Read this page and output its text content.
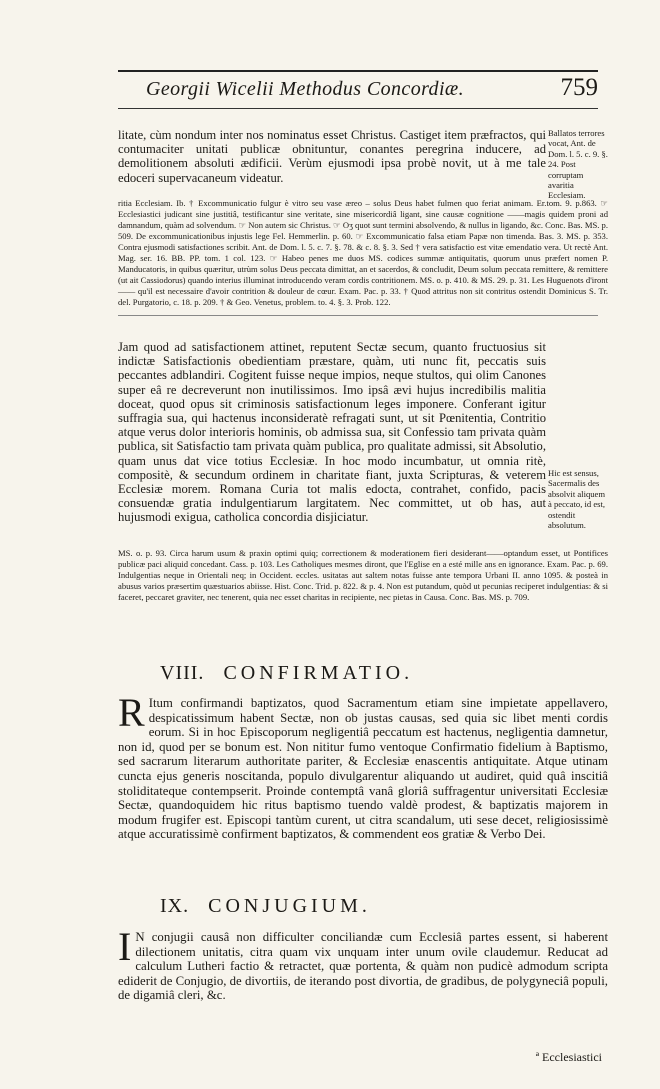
Georgii Wicelii Methodus Concordiæ.	759
litate, cùm nondum inter nos nominatus esset Christus. Castiget item præfractos, qui contumaciter unitati publicæ obnituntur, conantes peregrina inducere, ad demolitionem absoluti ædificii. Verùm ejusmodi ipsa probè novit, ut à me tale edoceri supervacaneum videatur.
Ballatos terrores vocat, Ant. de Dom. l. 5. c. 9. §. 24. Post corruptam avaritia Ecclesiam.
ritia Ecclesiam. Ib. † Excommunicatio fulgur è vitro seu vase æreo – solus Deus habet fulmen quo feriat animam. Er.tom. 9. p.863. ☞ Ecclesiastici judicant sine justitiâ, testificantur sine veritate, sine misericordiâ ligant, sine causæ cognitione ——magis quidem proni ad damnandum, quàm ad solvendum. ☞ Non autem sic Christus. ☞ Oʒ quot sunt termini absolvendo, & nullus in ligando, &c. Conc. Bas. MS. p. 509. De excommunicationibus injustis lege Fel. Hemmerlin. p. 60. ☞ Excommunicatio falsa etiam Papæ non timenda. Bas. 3. MS. p. 353. Contra ejusmodi satisfactiones scribit. Ant. de Dom. l. 5. c. 7. §. 78. & c. 8. §. 3. Sed † vera satisfactio est vitæ emendatio vera. Ut rectè Ant. Mag. ser. 16. BB. PP. tom. 1 col. 123. ☞ Habeo penes me duos MS. codices summæ antiquitatis, quorum unus præfert nomen P. Manducatoris, in quibus quæritur, utrùm solus Deus peccata dimittat, an et sacerdos, & concludit, Deum solum peccata remittere, & remittere (ut ait Cassiodorus) quando interius illuminat introducendo veram cordis contritionem. MS. o. p. 410. & MS. 29. p. 31. Les Huguenots d'iront —— qu'il est necessaire d'avoir contrition & douleur de cœur. Exam. Pac. p. 33. † Quod attritus non sit contritus ostendit Dominicus S. Tr. del. Purgatorio, c. 18. p. 209. † & Geo. Venetus, problem. to. 4. §. 3. Prob. 122.
Jam quod ad satisfactionem attinet, reputent Sectæ secum, quanto fructuosius sit indictæ Satisfactionis obedientiam præstare, quàm, uti nunc fit, peccatis suis peccantes adblandiri. Cogitent fuisse neque impios, neque stultos, qui olim Canones super eâ re decreverunt non inutilissimos. Imo ipsâ ævi hujus incredibilis malitia doceat, quod opus sit criminosis satisfactionum leges imponere. Conferant igitur suffragia sua, qui hactenus inconsideratè refragati sunt, ut sit Pœnitentia, Contritio atque verus dolor interioris hominis, ob admissa sua, sit Confessio tam privata quàm publica, sit Satisfactio tam privata quàm publica, pro qualitate admissi, sit Absolutio, quam unus dat vice totius Ecclesiæ. In hoc modo incumbatur, ut omnia ritè, compositè, & secundum ordinem in charitate fiant, juxta Scripturas, & veterem Ecclesiæ morem. Romana Curia tot malis edocta, contrahet, confido, pacis consuendæ gratia indulgentiarum largitatem. Nec committet, ut ob has, aut hujusmodi exigua, catholica concordia disjiciatur.
Hic est sensus, Sacermalis des absolvit aliquem à peccato, id est, ostendit absolutum.
MS. o. p. 93. Circa harum usum & praxin optimi quiq; correctionem & moderationem fieri desiderant——optandum esset, ut Pontifices publicæ paci aliquid concedant. Cass. p. 103. Les Catholiques mesmes diront, que l'Eglise en a esté mille ans en ignorance. Exam. Pac. p. 69. Indulgentias neque in Orientali neq; in Occident. eccles. usitatas aut saltem notas fuisse ante tempora Urbani II. anno 1095. & posteà in abusus varios præsertim quæstuarios abiisse. Hist. Conc. Trid. p. 822. & p. 4. Non est putandum, quòd ut pecunias reciperet indulgentias: & si faceret, peccaret graviter, nec tenerent, quia nec esset charitas in recipiente, nec pietas in Causa. Conc. Bas. MS. p. 709.
VIII. CONFIRMATIO.
R Itum confirmandi baptizatos, quod Sacramentum etiam sine impietate appellavero, despicatissimum habent Sectæ, non ob justas causas, sed quia sic libet menti cordis eorum. Si in hoc Episcoporum negligentiâ peccatum est hactenus, negligentia damnetur, non id, quod per se bonum est. Non nititur fumo ventoque Confirmatio fidelium à Baptismo, sed sacrarum literarum authoritate pariter, & Ecclesiæ enascentis antiquitate. Atque utinam cuncta ejus generis noscitanda, populo divulgarentur aliquando ut audiret, quid quâ inscitiâ stoliditateque contempserit. Proinde contemptâ vanâ gloriâ suffragentur universitati Ecclesiæ Sectæ, quandoquidem hic ritus baptismo tuendo valdè prodest, & baptizatis majorem in modum frugifer est. Episcopi tantùm curent, ut citra scandalum, uti sese decet, religiosissimè atque accuratissimè confirment baptizatos, & commendent eos gratiæ & Verbo Dei.
IX. CONJUGIUM.
I N conjugii causâ non difficulter conciliandæ cum Ecclesiâ partes essent, si haberent dilectionem unitatis, citra quam vix unquam inter unum ovile claudemur. Reducat ad calculum Lutheri factio & retractet, quæ portenta, & quàm non pudicè admodum scripta ediderit de Conjugio, de divortiis, de iterando post divortia, de gradibus, de polygyneciâ populi, de digamiâ cleri, &c.
ª Ecclesiastici
